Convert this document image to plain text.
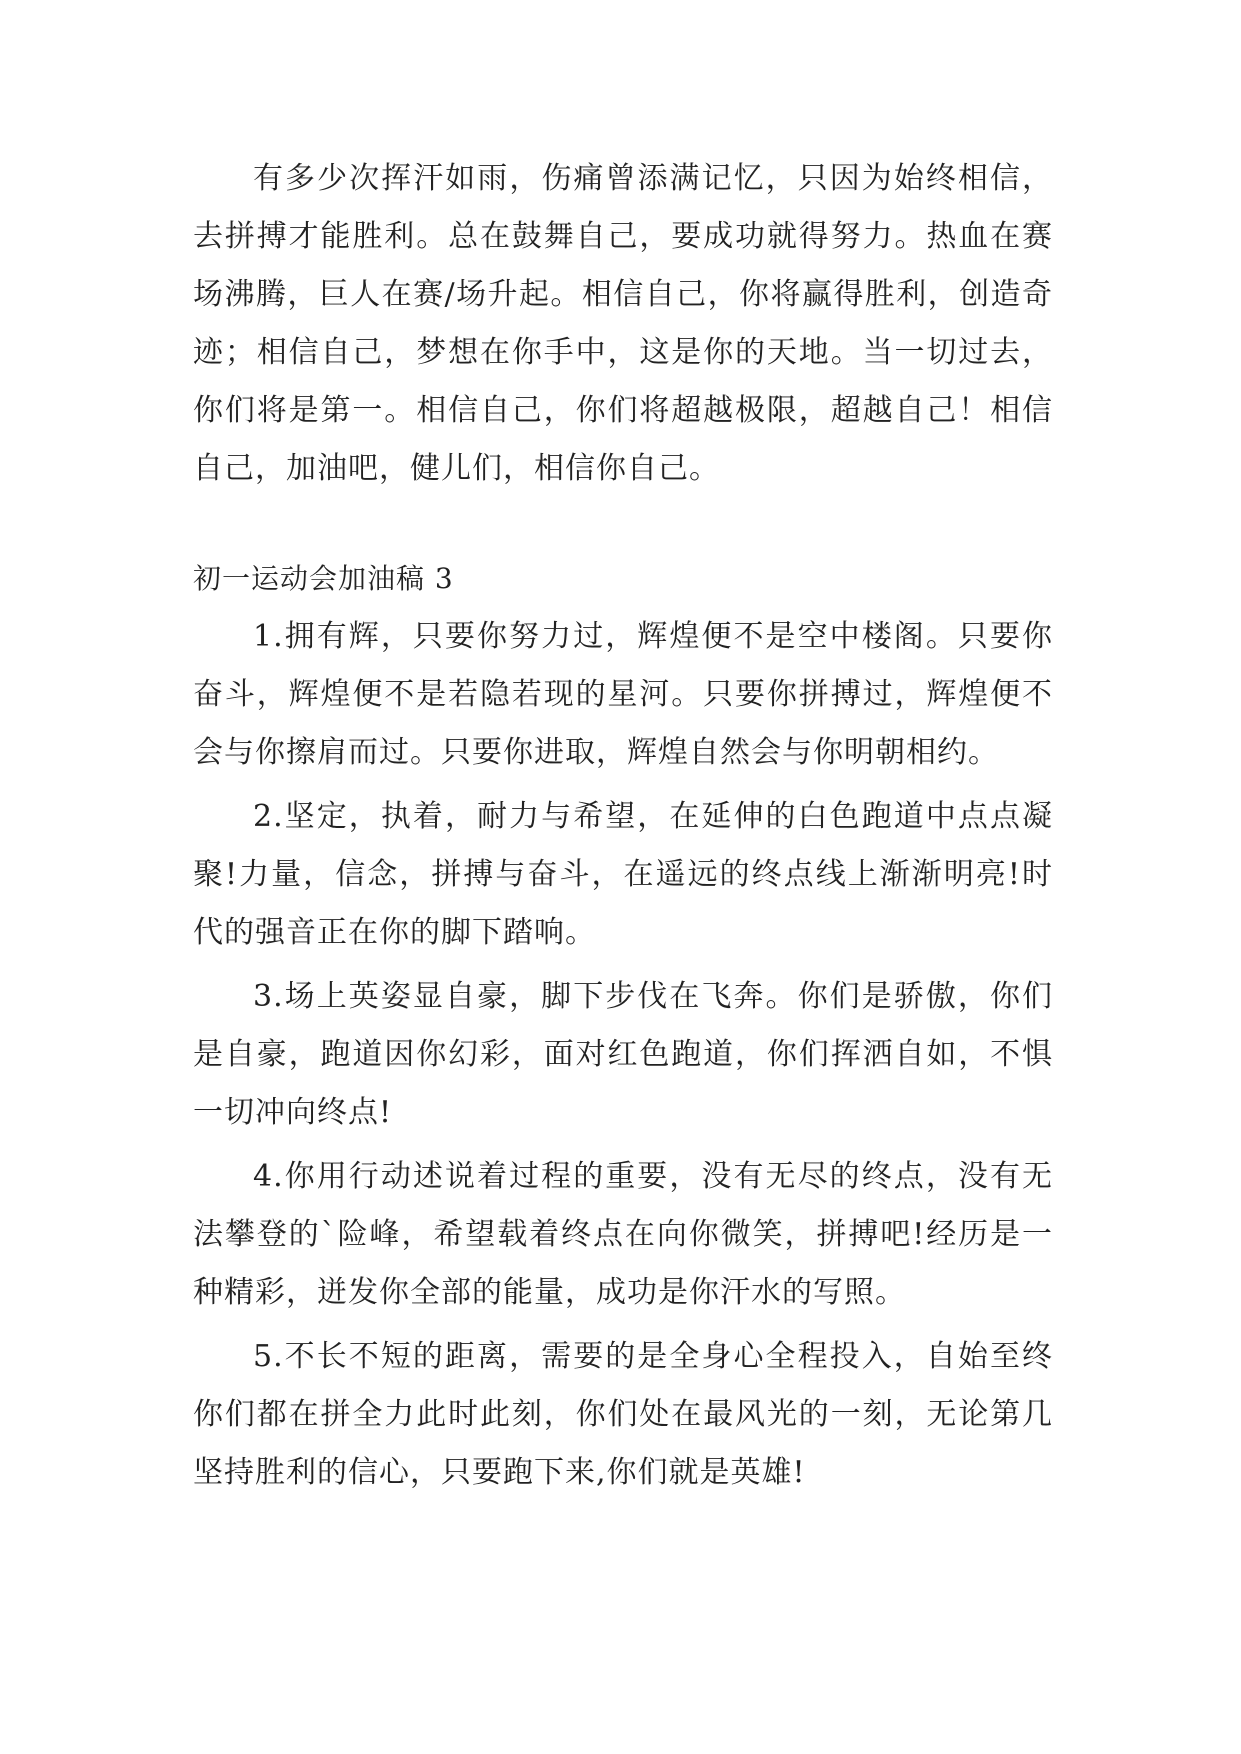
有多少次挥汗如雨，伤痛曾添满记忆，只因为始终相信，去拼搏才能胜利。总在鼓舞自己，要成功就得努力。热血在赛场沸腾，巨人在赛/场升起。相信自己，你将赢得胜利，创造奇迹；相信自己，梦想在你手中，这是你的天地。当一切过去，你们将是第一。相信自己，你们将超越极限，超越自己！相信自己，加油吧，健儿们，相信你自己。

初一运动会加油稿 3

1.拥有辉，只要你努力过，辉煌便不是空中楼阁。只要你奋斗，辉煌便不是若隐若现的星河。只要你拼搏过，辉煌便不会与你擦肩而过。只要你进取，辉煌自然会与你明朝相约。

2.坚定，执着，耐力与希望，在延伸的白色跑道中点点凝聚!力量，信念，拼搏与奋斗，在遥远的终点线上渐渐明亮!时代的强音正在你的脚下踏响。

3.场上英姿显自豪，脚下步伐在飞奔。你们是骄傲，你们是自豪，跑道因你幻彩，面对红色跑道，你们挥洒自如，不惧一切冲向终点!

4.你用行动述说着过程的重要，没有无尽的终点，没有无法攀登的`险峰，希望载着终点在向你微笑，拼搏吧!经历是一种精彩，迸发你全部的能量，成功是你汗水的写照。

5.不长不短的距离，需要的是全身心全程投入，自始至终你们都在拼全力此时此刻，你们处在最风光的一刻，无论第几坚持胜利的信心，只要跑下来,你们就是英雄!
